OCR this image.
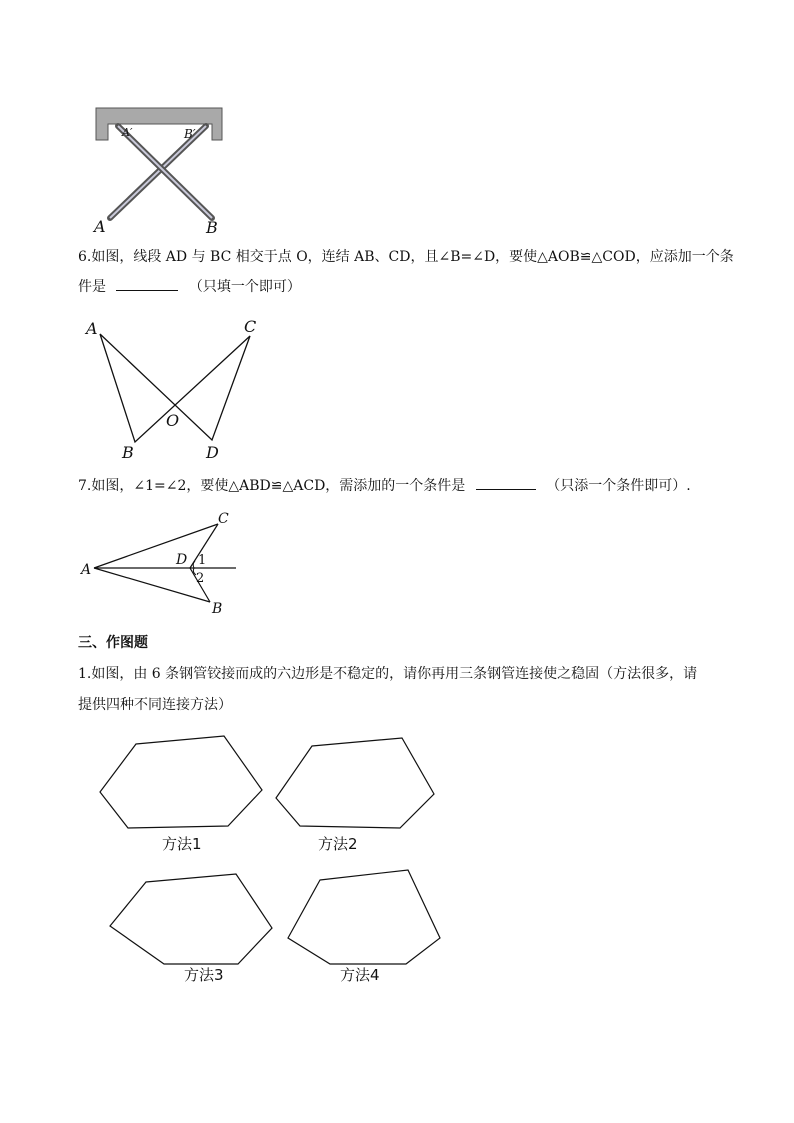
A′	B′
A	B
6.如图，线段 AD 与 BC 相交于点 O，连结 AB、CD，且∠B=∠D，要使△AOB≌△COD，应添加一个条
件是	（只填一个即可）
A	C
O
B	D
7.如图，∠1=∠2，要使△ABD≌△ACD，需添加的一个条件是	（只添一个条件即可）.
A
C
D 1
2
B
三、作图题
1.如图，由 6 条钢管铰接而成的六边形是不稳定的，请你再用三条钢管连接使之稳固（方法很多，请
提供四种不同连接方法）
方法1	方法2
方法3	方法4
